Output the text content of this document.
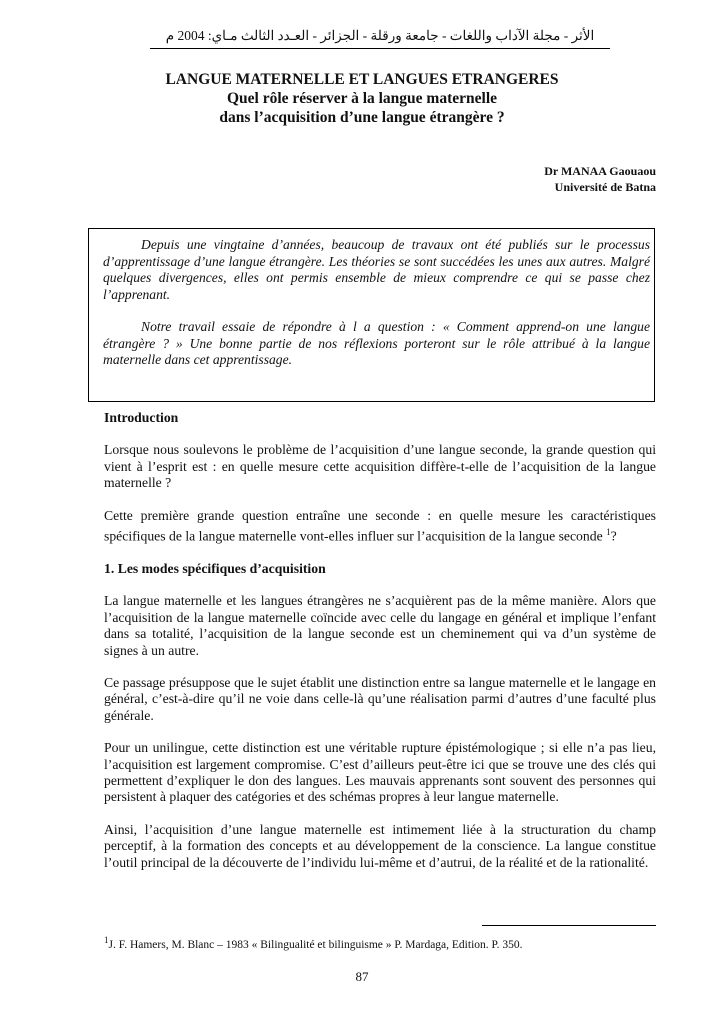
الأثر - مجلة الآداب واللغات - جامعة ورقلة - الجزائر - العـدد الثالث مـاي: 2004 م
LANGUE MATERNELLE ET LANGUES ETRANGERES
Quel rôle réserver à la langue maternelle
dans l’acquisition d’une langue étrangère ?
Dr MANAA Gaouaou
Université de Batna

Depuis une vingtaine d’années, beaucoup de travaux ont été publiés sur le processus d’apprentissage d’une langue étrangère. Les théories se sont succédées les unes aux autres. Malgré quelques divergences, elles ont permis ensemble de mieux comprendre ce qui se passe chez l’apprenant.

Notre travail essaie de répondre à l a question : « Comment apprend-on une langue étrangère ? » Une bonne partie de nos réflexions porteront sur le rôle attribué à la langue maternelle dans cet apprentissage.

Introduction

Lorsque nous soulevons le problème de l’acquisition d’une langue seconde, la grande question qui vient à l’esprit est : en quelle mesure cette acquisition diffère-t-elle de l’acquisition de la langue maternelle ?

Cette première grande question entraîne une seconde : en quelle mesure les caractéristiques spécifiques de la langue maternelle vont-elles influer sur l’acquisition de la langue seconde $^1$?

1. Les modes spécifiques d’acquisition

La langue maternelle et les langues étrangères ne s’acquièrent pas de la même manière. Alors que l’acquisition de la langue maternelle coïncide avec celle du langage en général et implique l’enfant dans sa totalité, l’acquisition de la langue seconde est un cheminement qui va d’un système de signes à un autre.

Ce passage présuppose que le sujet établit une distinction entre sa langue maternelle et le langage en général, c’est-à-dire qu’il ne voie dans celle-là qu’une réalisation parmi d’autres d’une faculté plus générale.

Pour un unilingue, cette distinction est une véritable rupture épistémologique ; si elle n’a pas lieu, l’acquisition est largement compromise. C’est d’ailleurs peut-être ici que se trouve une des clés qui permettent d’expliquer le don des langues. Les mauvais apprenants sont souvent des personnes qui persistent à plaquer des catégories et des schémas propres à leur langue maternelle.

Ainsi, l’acquisition d’une langue maternelle est intimement liée à la structuration du champ perceptif, à la formation des concepts et au développement de la conscience. La langue constitue l’outil principal de la découverte de l’individu lui-même et d’autrui, de la réalité et de la rationalité.

$^1$J. F. Hamers, M. Blanc – 1983 « Bilingualité et bilinguisme » P. Mardaga, Edition. P. 350.
87
